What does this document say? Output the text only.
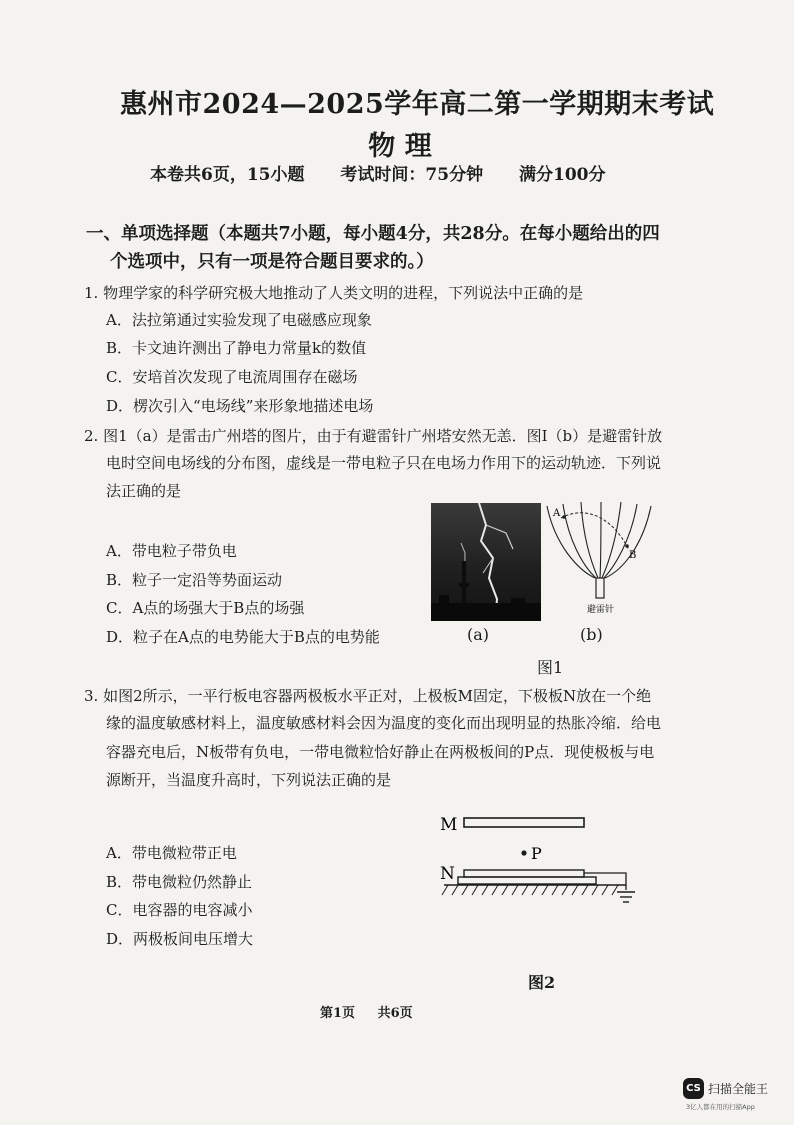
惠州市2024—2025学年高二第一学期期末考试
物 理
本卷共6页，15小题 考试时间：75分钟 满分100分
一、单项选择题（本题共7小题，每小题4分，共28分。在每小题给出的四
个选项中，只有一项是符合题目要求的。）
1. 物理学家的科学研究极大地推动了人类文明的进程，下列说法中正确的是
A．法拉第通过实验发现了电磁感应现象
B．卡文迪许测出了静电力常量k的数值
C．安培首次发现了电流周围存在磁场
D．楞次引入“电场线”来形象地描述电场
2. 图1（a）是雷击广州塔的图片，由于有避雷针广州塔安然无恙．图I（b）是避雷针放
电时空间电场线的分布图，虚线是一带电粒子只在电场力作用下的运动轨迹．下列说
法正确的是
A．带电粒子带负电
B．粒子一定沿等势面运动
C．A点的场强大于B点的场强
D．粒子在A点的电势能大于B点的电势能
A
B
避雷针
(a)	(b)
图1
3. 如图2所示，一平行板电容器两极板水平正对，上极板M固定，下极板N放在一个绝
缘的温度敏感材料上，温度敏感材料会因为温度的变化而出现明显的热胀冷缩．给电
容器充电后，N板带有负电，一带电微粒恰好静止在两极板间的P点．现使极板与电
源断开，当温度升高时，下列说法正确的是
A．带电微粒带正电
B．带电微粒仍然静止
C．电容器的电容减小
D．两极板间电压增大
M
P
N
图2
第1页 共6页
CS 扫描全能王
3亿人都在用的扫描App
